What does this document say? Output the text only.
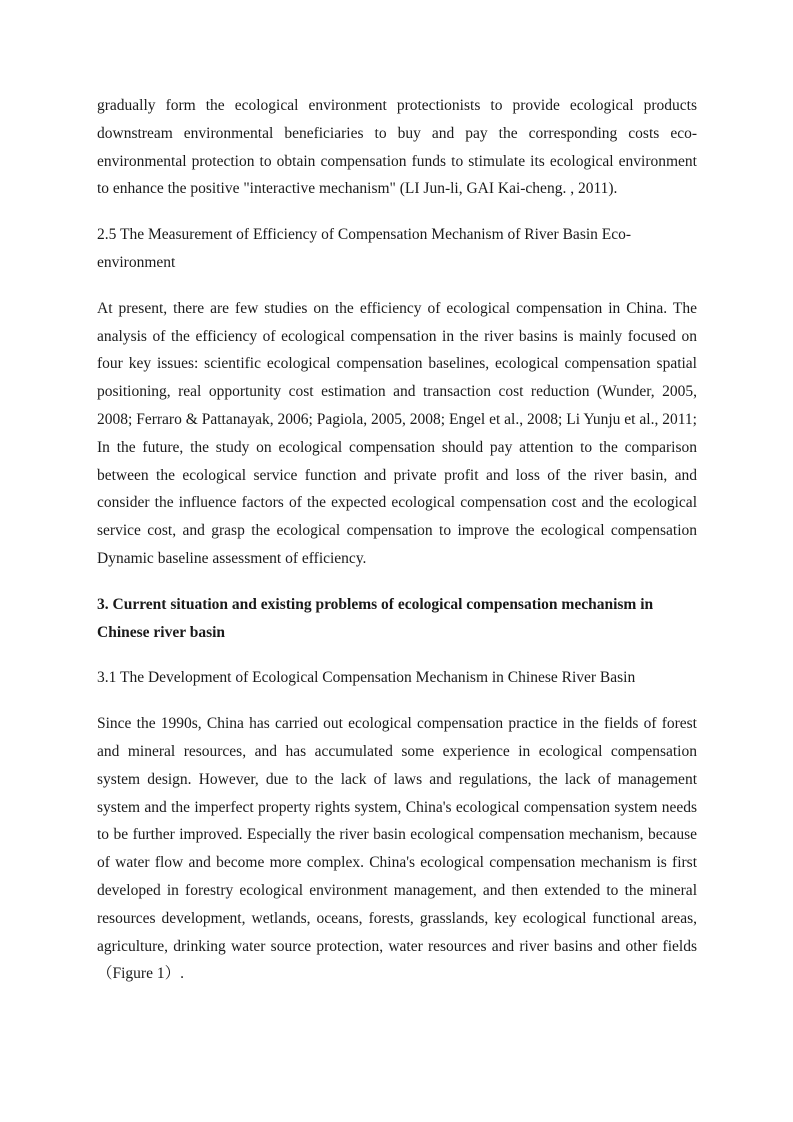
gradually form the ecological environment protectionists to provide ecological products downstream environmental beneficiaries to buy and pay the corresponding costs eco-environmental protection to obtain compensation funds to stimulate its ecological environment to enhance the positive "interactive mechanism" (LI Jun-li, GAI Kai-cheng. , 2011).

2.5 The Measurement of Efficiency of Compensation Mechanism of River Basin Eco-environment

At present, there are few studies on the efficiency of ecological compensation in China. The analysis of the efficiency of ecological compensation in the river basins is mainly focused on four key issues: scientific ecological compensation baselines, ecological compensation spatial positioning, real opportunity cost estimation and transaction cost reduction (Wunder, 2005, 2008; Ferraro & Pattanayak, 2006; Pagiola, 2005, 2008; Engel et al., 2008; Li Yunju et al., 2011; In the future, the study on ecological compensation should pay attention to the comparison between the ecological service function and private profit and loss of the river basin, and consider the influence factors of the expected ecological compensation cost and the ecological service cost, and grasp the ecological compensation to improve the ecological compensation Dynamic baseline assessment of efficiency.

3. Current situation and existing problems of ecological compensation mechanism in Chinese river basin

3.1 The Development of Ecological Compensation Mechanism in Chinese River Basin

Since the 1990s, China has carried out ecological compensation practice in the fields of forest and mineral resources, and has accumulated some experience in ecological compensation system design. However, due to the lack of laws and regulations, the lack of management system and the imperfect property rights system, China's ecological compensation system needs to be further improved. Especially the river basin ecological compensation mechanism, because of water flow and become more complex. China's ecological compensation mechanism is first developed in forestry ecological environment management, and then extended to the mineral resources development, wetlands, oceans, forests, grasslands, key ecological functional areas, agriculture, drinking water source protection, water resources and river basins and other fields（Figure 1）.
